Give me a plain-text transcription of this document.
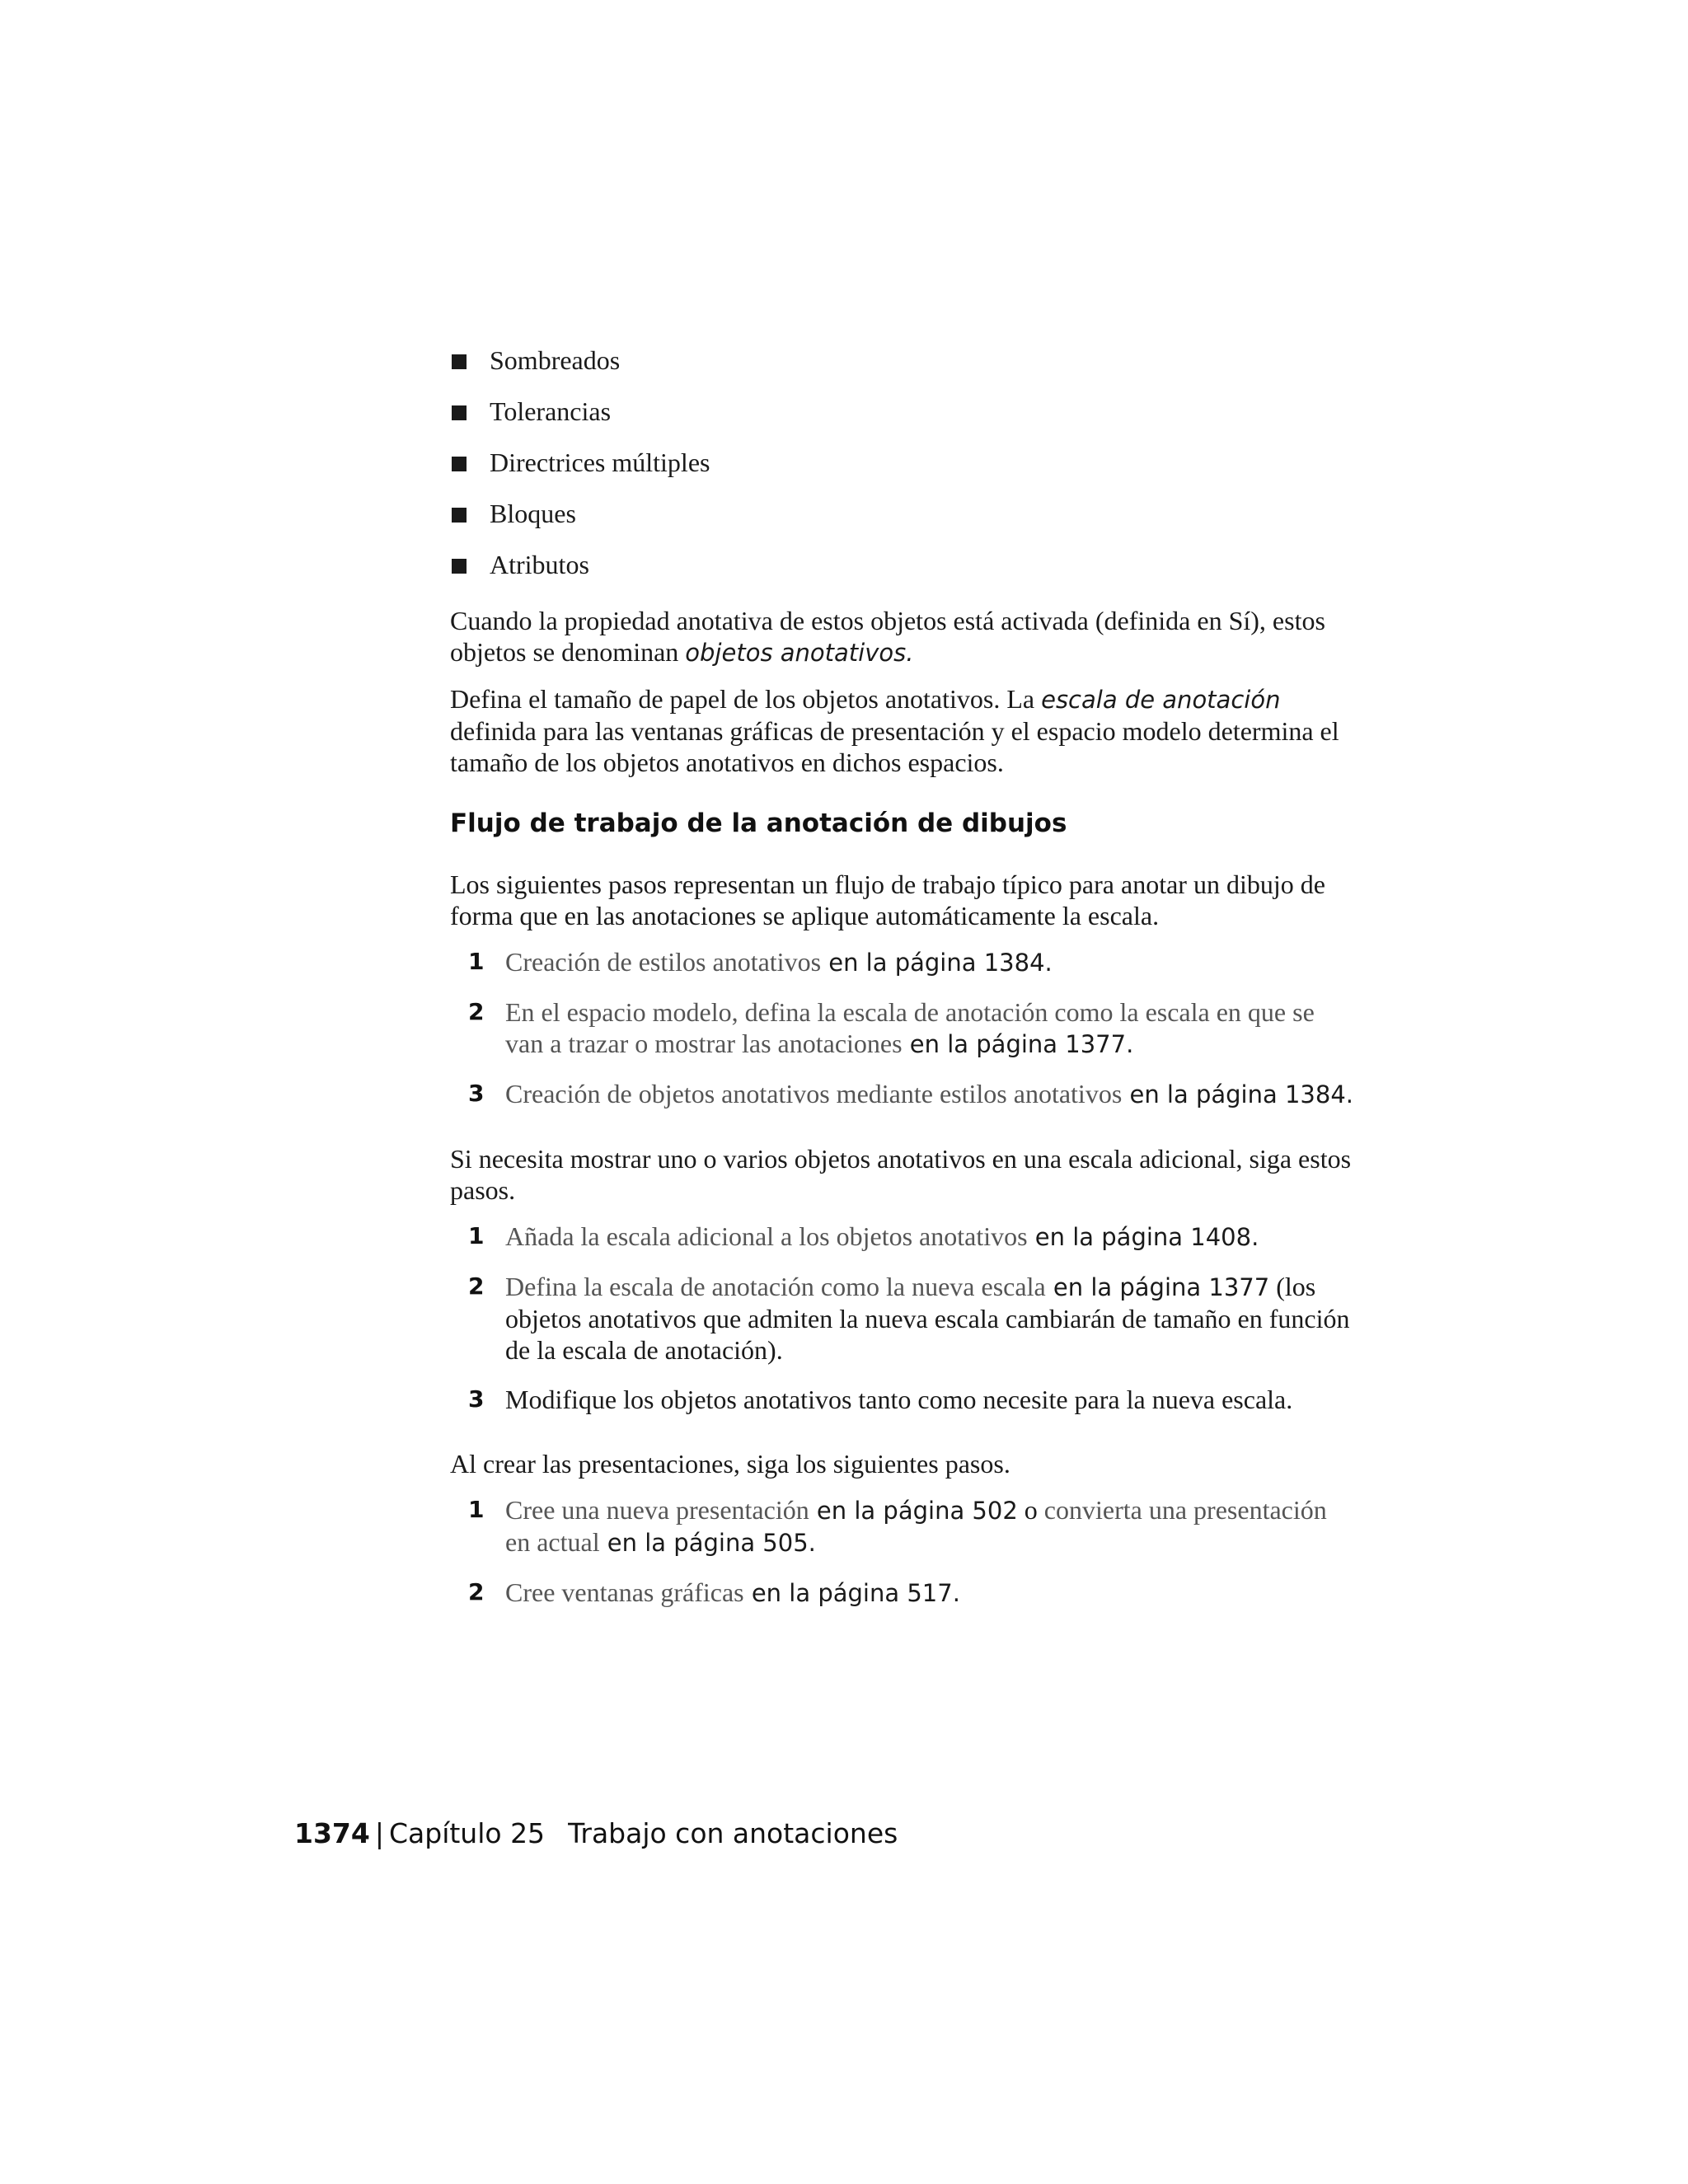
Sombreados
Tolerancias
Directrices múltiples
Bloques
Atributos

Cuando la propiedad anotativa de estos objetos está activada (definida en Sí), estos objetos se denominan objetos anotativos.

Defina el tamaño de papel de los objetos anotativos. La escala de anotación definida para las ventanas gráficas de presentación y el espacio modelo determina el tamaño de los objetos anotativos en dichos espacios.

Flujo de trabajo de la anotación de dibujos

Los siguientes pasos representan un flujo de trabajo típico para anotar un dibujo de forma que en las anotaciones se aplique automáticamente la escala.

1 Creación de estilos anotativos en la página 1384.
2 En el espacio modelo, defina la escala de anotación como la escala en que se van a trazar o mostrar las anotaciones en la página 1377.
3 Creación de objetos anotativos mediante estilos anotativos en la página 1384.

Si necesita mostrar uno o varios objetos anotativos en una escala adicional, siga estos pasos.

1 Añada la escala adicional a los objetos anotativos en la página 1408.
2 Defina la escala de anotación como la nueva escala en la página 1377 (los objetos anotativos que admiten la nueva escala cambiarán de tamaño en función de la escala de anotación).
3 Modifique los objetos anotativos tanto como necesite para la nueva escala.

Al crear las presentaciones, siga los siguientes pasos.

1 Cree una nueva presentación en la página 502 o convierta una presentación en actual en la página 505.
2 Cree ventanas gráficas en la página 517.
1374 | Capítulo 25 Trabajo con anotaciones
